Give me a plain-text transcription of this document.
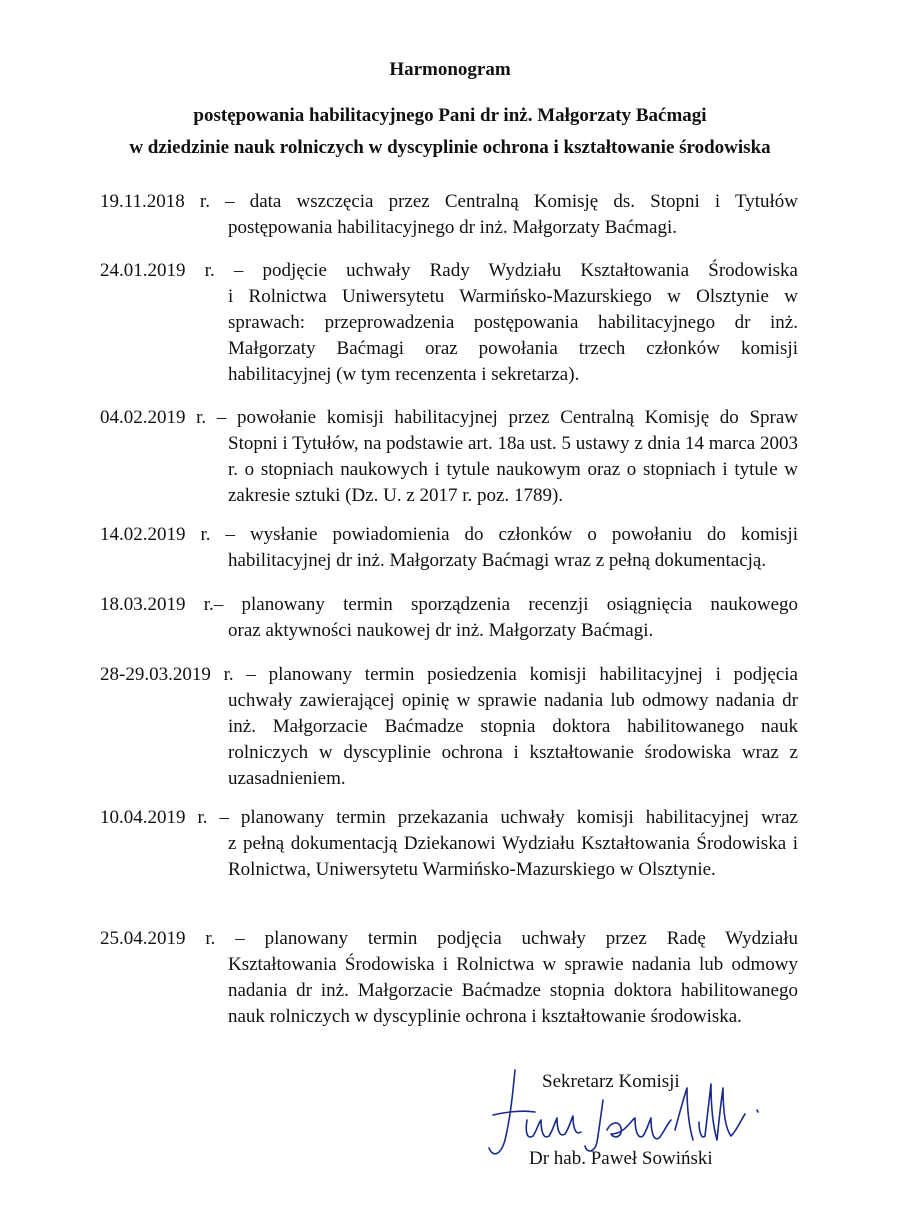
Harmonogram
postępowania habilitacyjnego Pani dr inż. Małgorzaty Baćmagi
w dziedzinie nauk rolniczych w dyscyplinie ochrona i kształtowanie środowiska
19.11.2018 r. – data wszczęcia przez Centralną Komisję ds. Stopni i Tytułów
postępowania habilitacyjnego dr inż. Małgorzaty Baćmagi.
24.01.2019 r. – podjęcie uchwały Rady Wydziału Kształtowania Środowiska
i Rolnictwa Uniwersytetu Warmińsko-Mazurskiego w Olsztynie w sprawach: przeprowadzenia postępowania habilitacyjnego dr inż. Małgorzaty Baćmagi oraz powołania trzech członków komisji habilitacyjnej (w tym recenzenta i sekretarza).
04.02.2019 r. – powołanie komisji habilitacyjnej przez Centralną Komisję do Spraw
Stopni i Tytułów, na podstawie art. 18a ust. 5 ustawy z dnia 14 marca 2003 r. o stopniach naukowych i tytule naukowym oraz o stopniach i tytule w zakresie sztuki (Dz. U. z 2017 r. poz. 1789).
14.02.2019 r. – wysłanie powiadomienia do członków o powołaniu do komisji
habilitacyjnej dr inż. Małgorzaty Baćmagi wraz z pełną dokumentacją.
18.03.2019 r.– planowany termin sporządzenia recenzji osiągnięcia naukowego
oraz aktywności naukowej dr inż. Małgorzaty Baćmagi.
28-29.03.2019 r. – planowany termin posiedzenia komisji habilitacyjnej i podjęcia
uchwały zawierającej opinię w sprawie nadania lub odmowy nadania dr inż. Małgorzacie Baćmadze stopnia doktora habilitowanego nauk rolniczych w dyscyplinie ochrona i kształtowanie środowiska wraz z uzasadnieniem.
10.04.2019 r. – planowany termin przekazania uchwały komisji habilitacyjnej wraz
z pełną dokumentacją Dziekanowi Wydziału Kształtowania Środowiska i Rolnictwa, Uniwersytetu Warmińsko-Mazurskiego w Olsztynie.
25.04.2019 r. – planowany termin podjęcia uchwały przez Radę Wydziału
Kształtowania Środowiska i Rolnictwa w sprawie nadania lub odmowy nadania dr inż. Małgorzacie Baćmadze stopnia doktora habilitowanego nauk rolniczych w dyscyplinie ochrona i kształtowanie środowiska.
Sekretarz Komisji
Dr hab. Paweł Sowiński
